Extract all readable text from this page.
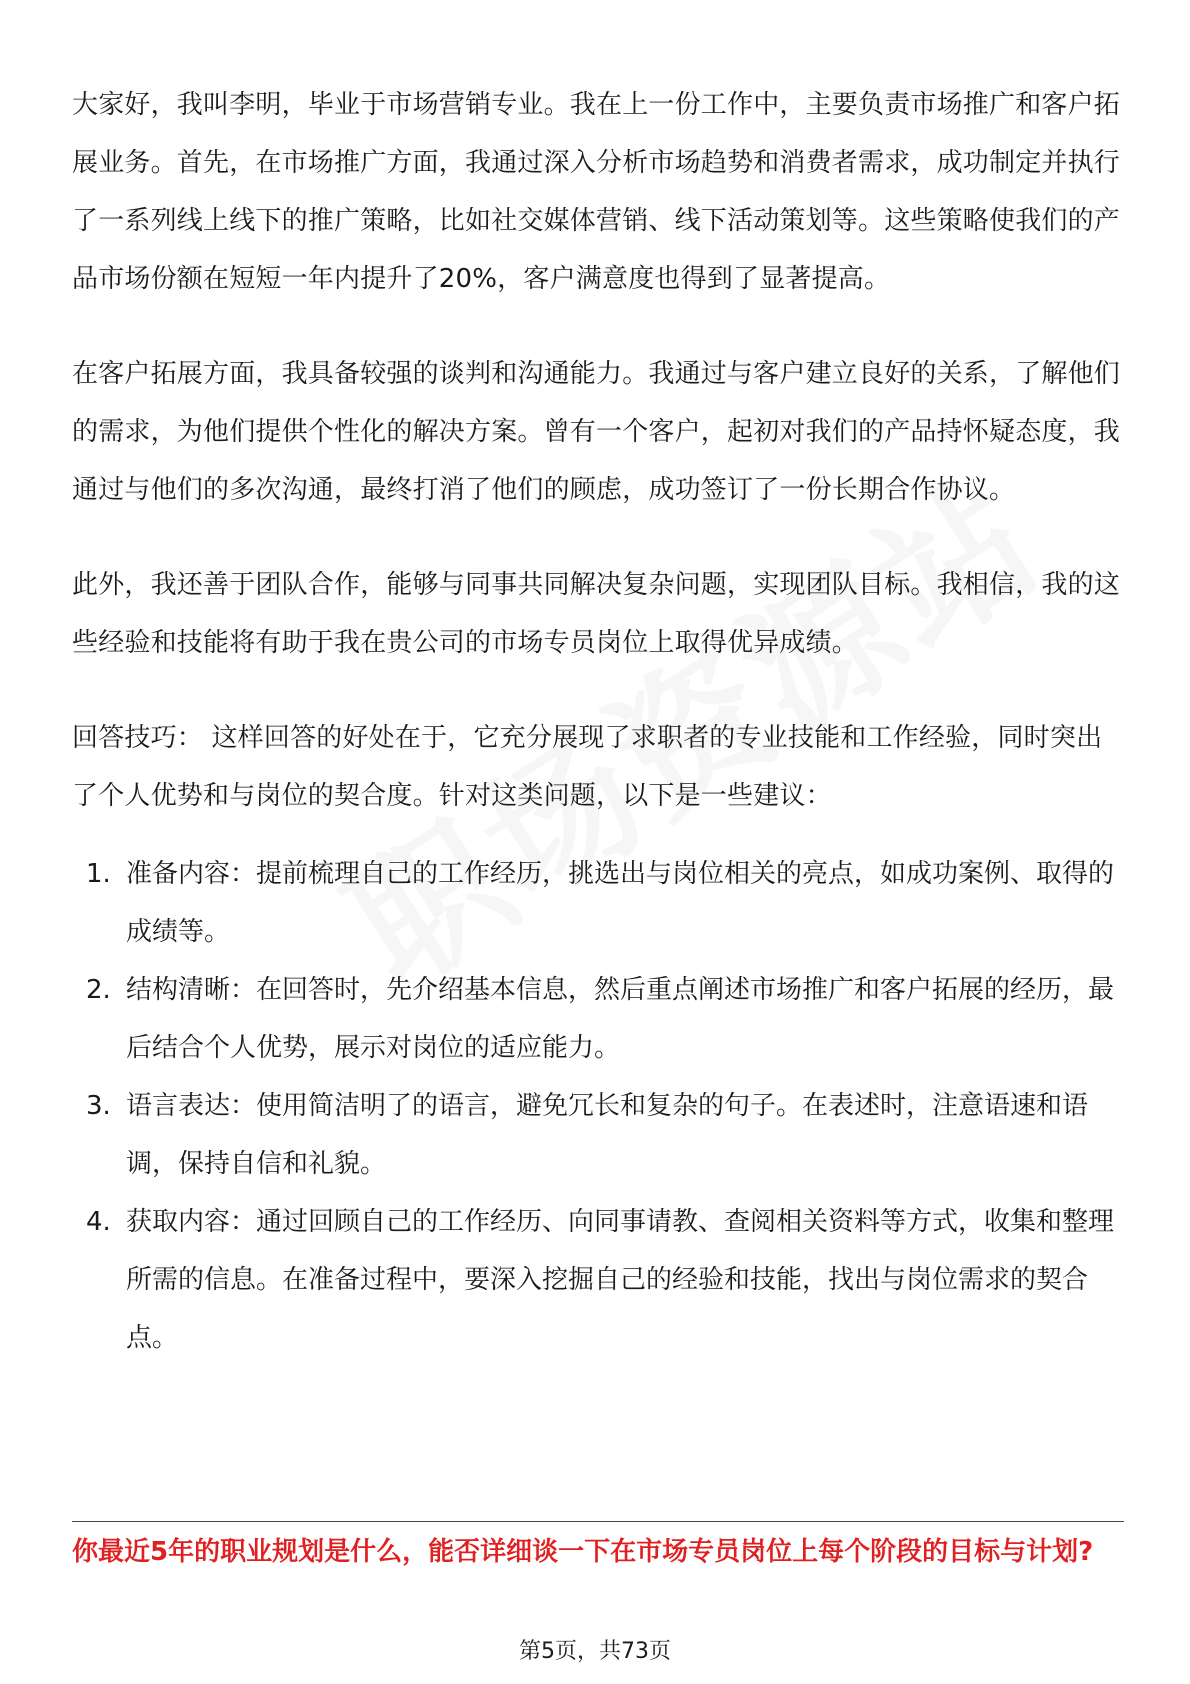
大家好，我叫李明，毕业于市场营销专业。我在上一份工作中，主要负责市场推广和客户拓展业务。首先，在市场推广方面，我通过深入分析市场趋势和消费者需求，成功制定并执行了一系列线上线下的推广策略，比如社交媒体营销、线下活动策划等。这些策略使我们的产品市场份额在短短一年内提升了20%，客户满意度也得到了显著提高。

在客户拓展方面，我具备较强的谈判和沟通能力。我通过与客户建立良好的关系，了解他们的需求，为他们提供个性化的解决方案。曾有一个客户，起初对我们的产品持怀疑态度，我通过与他们的多次沟通，最终打消了他们的顾虑，成功签订了一份长期合作协议。

此外，我还善于团队合作，能够与同事共同解决复杂问题，实现团队目标。我相信，我的这些经验和技能将有助于我在贵公司的市场专员岗位上取得优异成绩。

回答技巧： 这样回答的好处在于，它充分展现了求职者的专业技能和工作经验，同时突出了个人优势和与岗位的契合度。针对这类问题，以下是一些建议：

1. 准备内容：提前梳理自己的工作经历，挑选出与岗位相关的亮点，如成功案例、取得的成绩等。
2. 结构清晰：在回答时，先介绍基本信息，然后重点阐述市场推广和客户拓展的经历，最后结合个人优势，展示对岗位的适应能力。
3. 语言表达：使用简洁明了的语言，避免冗长和复杂的句子。在表述时，注意语速和语调，保持自信和礼貌。
4. 获取内容：通过回顾自己的工作经历、向同事请教、查阅相关资料等方式，收集和整理所需的信息。在准备过程中，要深入挖掘自己的经验和技能，找出与岗位需求的契合点。
你最近5年的职业规划是什么，能否详细谈一下在市场专员岗位上每个阶段的目标与计划?
第5页，共73页
